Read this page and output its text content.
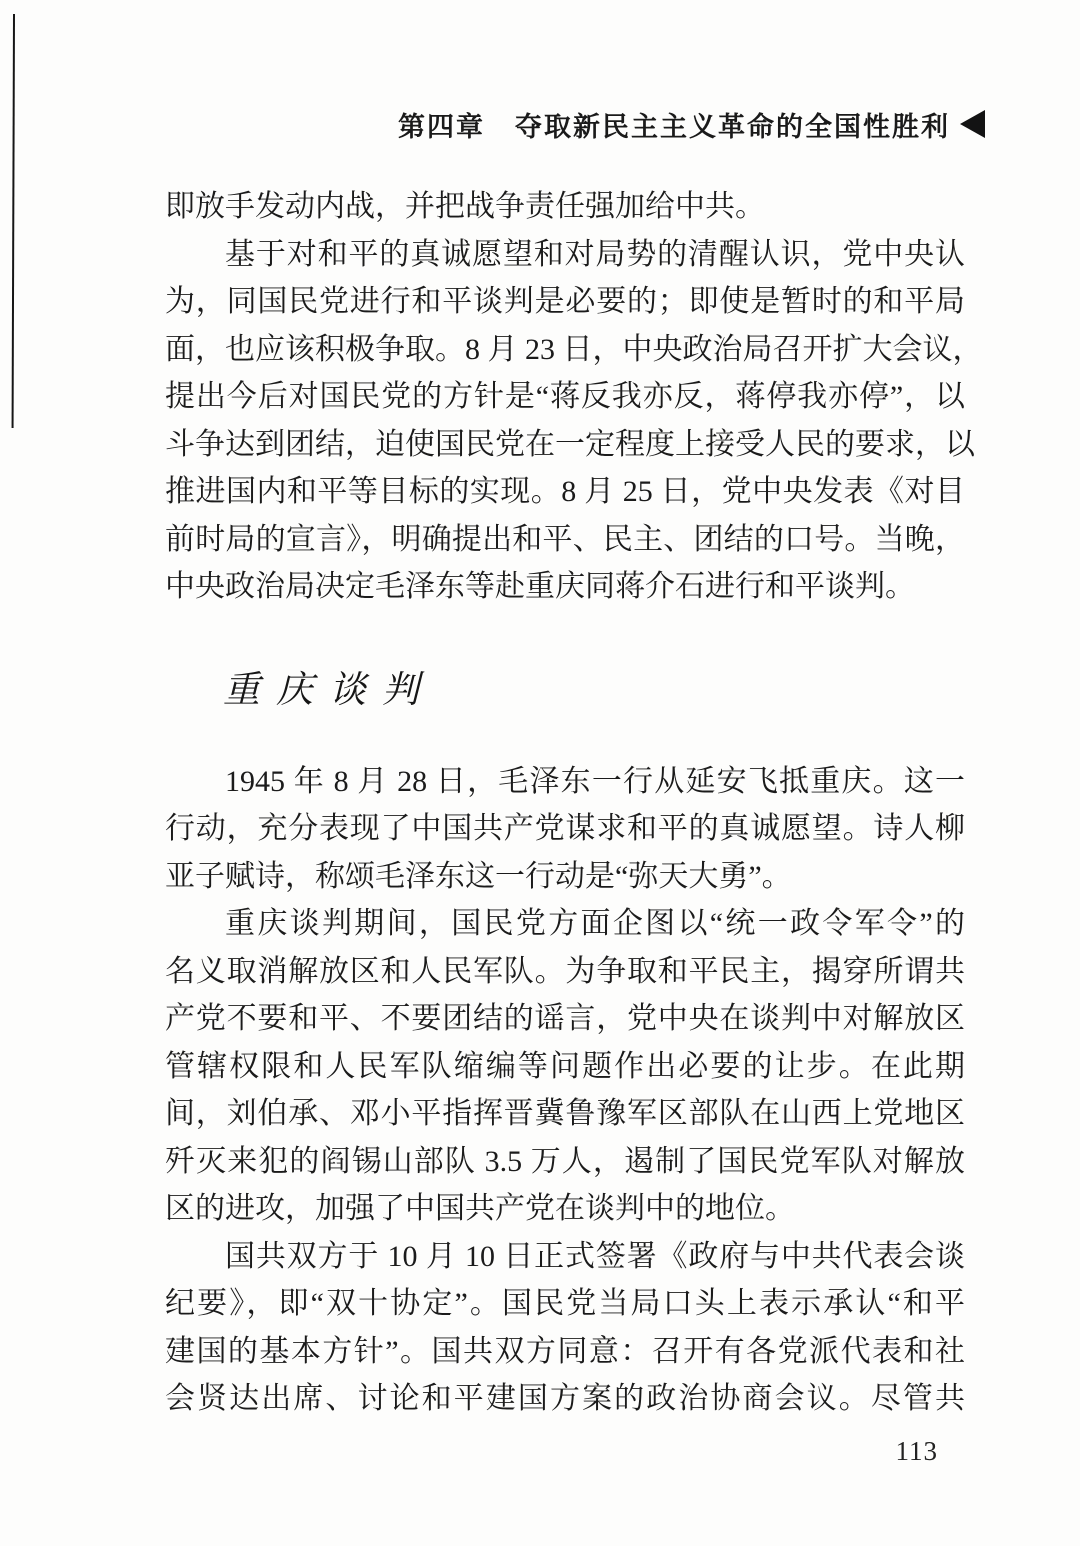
第四章 夺取新民主主义革命的全国性胜利
即放手发动内战，并把战争责任强加给中共。
基于对和平的真诚愿望和对局势的清醒认识，党中央认
为，同国民党进行和平谈判是必要的；即使是暂时的和平局
面，也应该积极争取。8 月 23 日，中央政治局召开扩大会议，
提出今后对国民党的方针是“蒋反我亦反，蒋停我亦停”，以
斗争达到团结，迫使国民党在一定程度上接受人民的要求，以
推进国内和平等目标的实现。8 月 25 日，党中央发表《对目
前时局的宣言》，明确提出和平、民主、团结的口号。当晚，
中央政治局决定毛泽东等赴重庆同蒋介石进行和平谈判。
重庆谈判
1945 年 8 月 28 日，毛泽东一行从延安飞抵重庆。这一
行动，充分表现了中国共产党谋求和平的真诚愿望。诗人柳
亚子赋诗，称颂毛泽东这一行动是“弥天大勇”。
重庆谈判期间，国民党方面企图以“统一政令军令”的
名义取消解放区和人民军队。为争取和平民主，揭穿所谓共
产党不要和平、不要团结的谣言，党中央在谈判中对解放区
管辖权限和人民军队缩编等问题作出必要的让步。在此期
间，刘伯承、邓小平指挥晋冀鲁豫军区部队在山西上党地区
歼灭来犯的阎锡山部队 3.5 万人，遏制了国民党军队对解放
区的进攻，加强了中国共产党在谈判中的地位。
国共双方于 10 月 10 日正式签署《政府与中共代表会谈
纪要》，即“双十协定”。国民党当局口头上表示承认“和平
建国的基本方针”。国共双方同意：召开有各党派代表和社
会贤达出席、讨论和平建国方案的政治协商会议。尽管共
113
